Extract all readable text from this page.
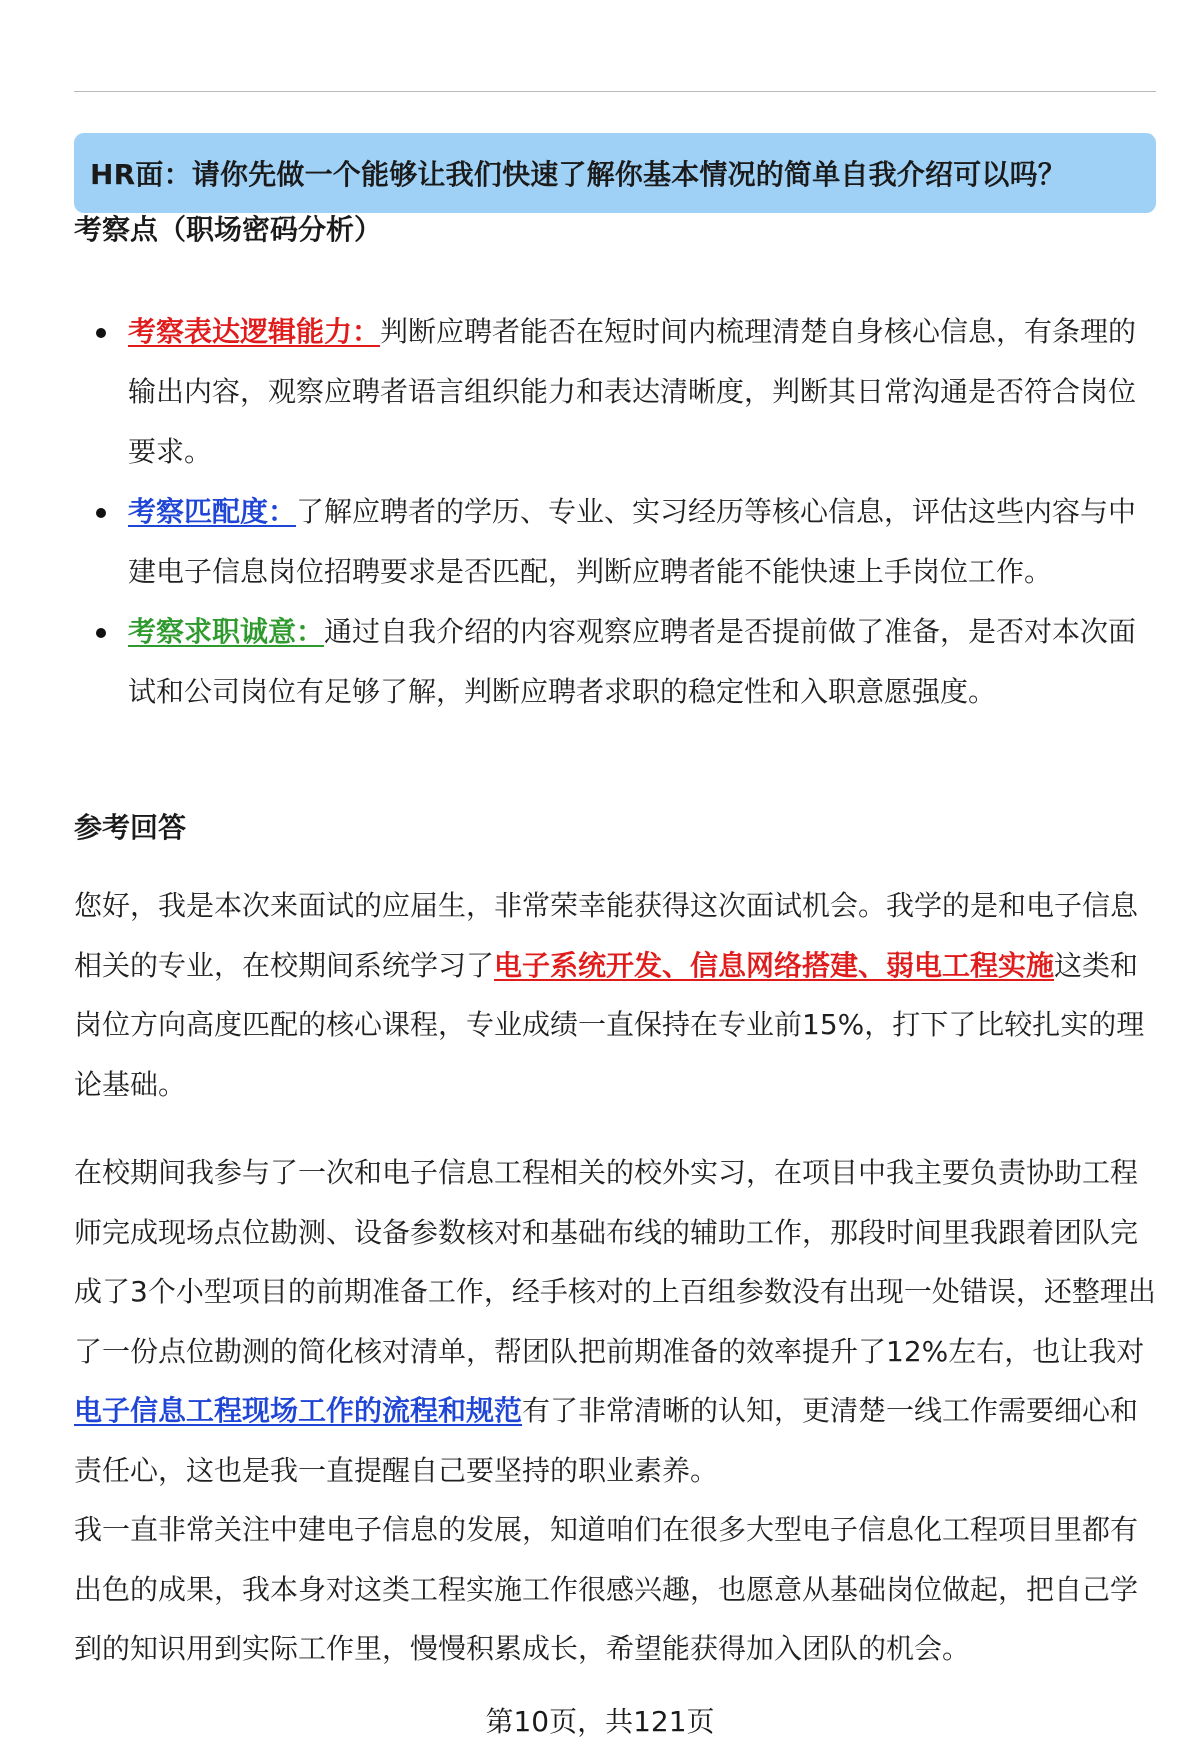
HR面：请你先做一个能够让我们快速了解你基本情况的简单自我介绍可以吗？
考察点（职场密码分析）
考察表达逻辑能力：判断应聘者能否在短时间内梳理清楚自身核心信息，有条理的输出内容，观察应聘者语言组织能力和表达清晰度，判断其日常沟通是否符合岗位要求。
考察匹配度：了解应聘者的学历、专业、实习经历等核心信息，评估这些内容与中建电子信息岗位招聘要求是否匹配，判断应聘者能不能快速上手岗位工作。
考察求职诚意：通过自我介绍的内容观察应聘者是否提前做了准备，是否对本次面试和公司岗位有足够了解，判断应聘者求职的稳定性和入职意愿强度。
参考回答
您好，我是本次来面试的应届生，非常荣幸能获得这次面试机会。我学的是和电子信息相关的专业，在校期间系统学习了电子系统开发、信息网络搭建、弱电工程实施这类和岗位方向高度匹配的核心课程，专业成绩一直保持在专业前15%，打下了比较扎实的理论基础。
在校期间我参与了一次和电子信息工程相关的校外实习，在项目中我主要负责协助工程师完成现场点位勘测、设备参数核对和基础布线的辅助工作，那段时间里我跟着团队完成了3个小型项目的前期准备工作，经手核对的上百组参数没有出现一处错误，还整理出了一份点位勘测的简化核对清单，帮团队把前期准备的效率提升了12%左右，也让我对电子信息工程现场工作的流程和规范有了非常清晰的认知，更清楚一线工作需要细心和责任心，这也是我一直提醒自己要坚持的职业素养。
我一直非常关注中建电子信息的发展，知道咱们在很多大型电子信息化工程项目里都有出色的成果，我本身对这类工程实施工作很感兴趣，也愿意从基础岗位做起，把自己学到的知识用到实际工作里，慢慢积累成长，希望能获得加入团队的机会。
第10页，共121页
